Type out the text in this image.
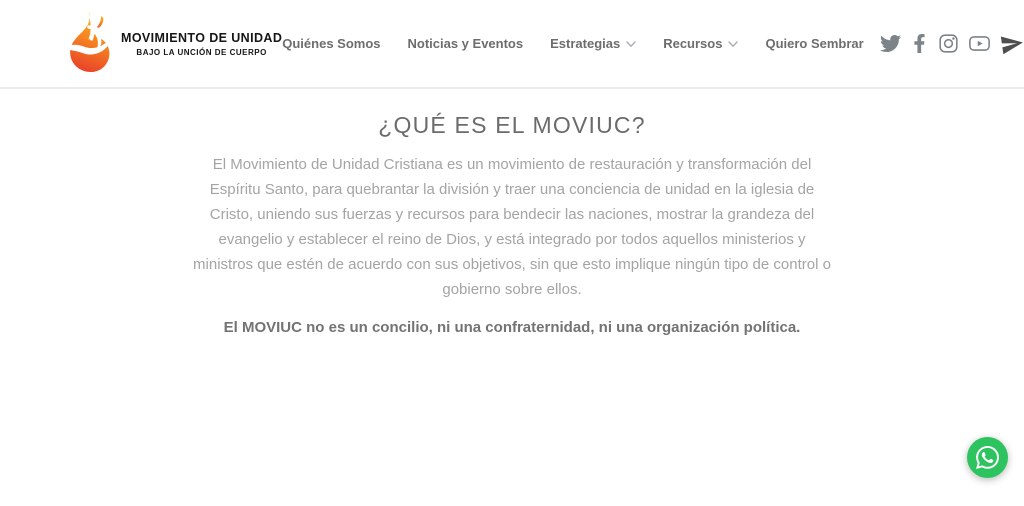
MOVIMIENTO DE UNIDAD
BAJO LA UNCIÓN DE CUERPO
Quiénes Somos Noticias y Eventos Estrategias	Recursos	Quiero Sembrar
¿QUÉ ES EL MOVIUC?

El Movimiento de Unidad Cristiana es un movimiento de restauración y transformación del Espíritu Santo, para quebrantar la división y traer una conciencia de unidad en la iglesia de Cristo, uniendo sus fuerzas y recursos para bendecir las naciones, mostrar la grandeza del evangelio y establecer el reino de Dios, y está integrado por todos aquellos ministerios y ministros que estén de acuerdo con sus objetivos, sin que esto implique ningún tipo de control o gobierno sobre ellos.

El MOVIUC no es un concilio, ni una confraternidad, ni una organización política.
